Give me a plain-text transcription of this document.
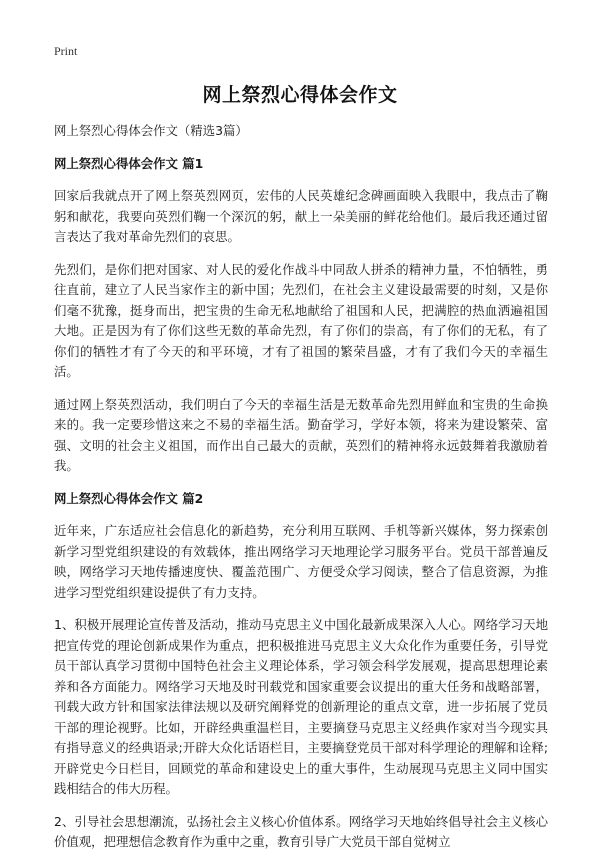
Print
网上祭烈心得体会作文

网上祭烈心得体会作文（精选3篇）

网上祭烈心得体会作文 篇1

回家后我就点开了网上祭英烈网页，宏伟的人民英雄纪念碑画面映入我眼中，我点击了鞠躬和献花，我要向英烈们鞠一个深沉的躬，献上一朵美丽的鲜花给他们。最后我还通过留言表达了我对革命先烈们的哀思。

先烈们，是你们把对国家、对人民的爱化作战斗中同敌人拼杀的精神力量，不怕牺牲，勇往直前，建立了人民当家作主的新中国；先烈们，在社会主义建设最需要的时刻，又是你们毫不犹豫，挺身而出，把宝贵的生命无私地献给了祖国和人民，把满腔的热血洒遍祖国大地。正是因为有了你们这些无数的革命先烈，有了你们的崇高，有了你们的无私，有了你们的牺牲才有了今天的和平环境，才有了祖国的繁荣昌盛，才有了我们今天的幸福生活。

通过网上祭英烈活动，我们明白了今天的幸福生活是无数革命先烈用鲜血和宝贵的生命换来的。我一定要珍惜这来之不易的幸福生活。勤奋学习，学好本领，将来为建设繁荣、富强、文明的社会主义祖国，而作出自己最大的贡献，英烈们的精神将永远鼓舞着我激励着我。

网上祭烈心得体会作文 篇2

近年来，广东适应社会信息化的新趋势，充分利用互联网、手机等新兴媒体，努力探索创新学习型党组织建设的有效载体，推出网络学习天地理论学习服务平台。党员干部普遍反映，网络学习天地传播速度快、覆盖范围广、方便受众学习阅读，整合了信息资源，为推进学习型党组织建设提供了有力支持。

1、积极开展理论宣传普及活动，推动马克思主义中国化最新成果深入人心。网络学习天地把宣传党的理论创新成果作为重点，把积极推进马克思主义大众化作为重要任务，引导党员干部认真学习贯彻中国特色社会主义理论体系，学习领会科学发展观，提高思想理论素养和各方面能力。网络学习天地及时刊载党和国家重要会议提出的重大任务和战略部署，刊载大政方针和国家法律法规以及研究阐释党的创新理论的重点文章，进一步拓展了党员干部的理论视野。比如，开辟经典重温栏目，主要摘登马克思主义经典作家对当今现实具有指导意义的经典语录;开辟大众化话语栏目，主要摘登党员干部对科学理论的理解和诠释;开辟党史今日栏目，回顾党的革命和建设史上的重大事件，生动展现马克思主义同中国实践相结合的伟大历程。

2、引导社会思想潮流，弘扬社会主义核心价值体系。网络学习天地始终倡导社会主义核心价值观，把理想信念教育作为重中之重，教育引导广大党员干部自觉树立
